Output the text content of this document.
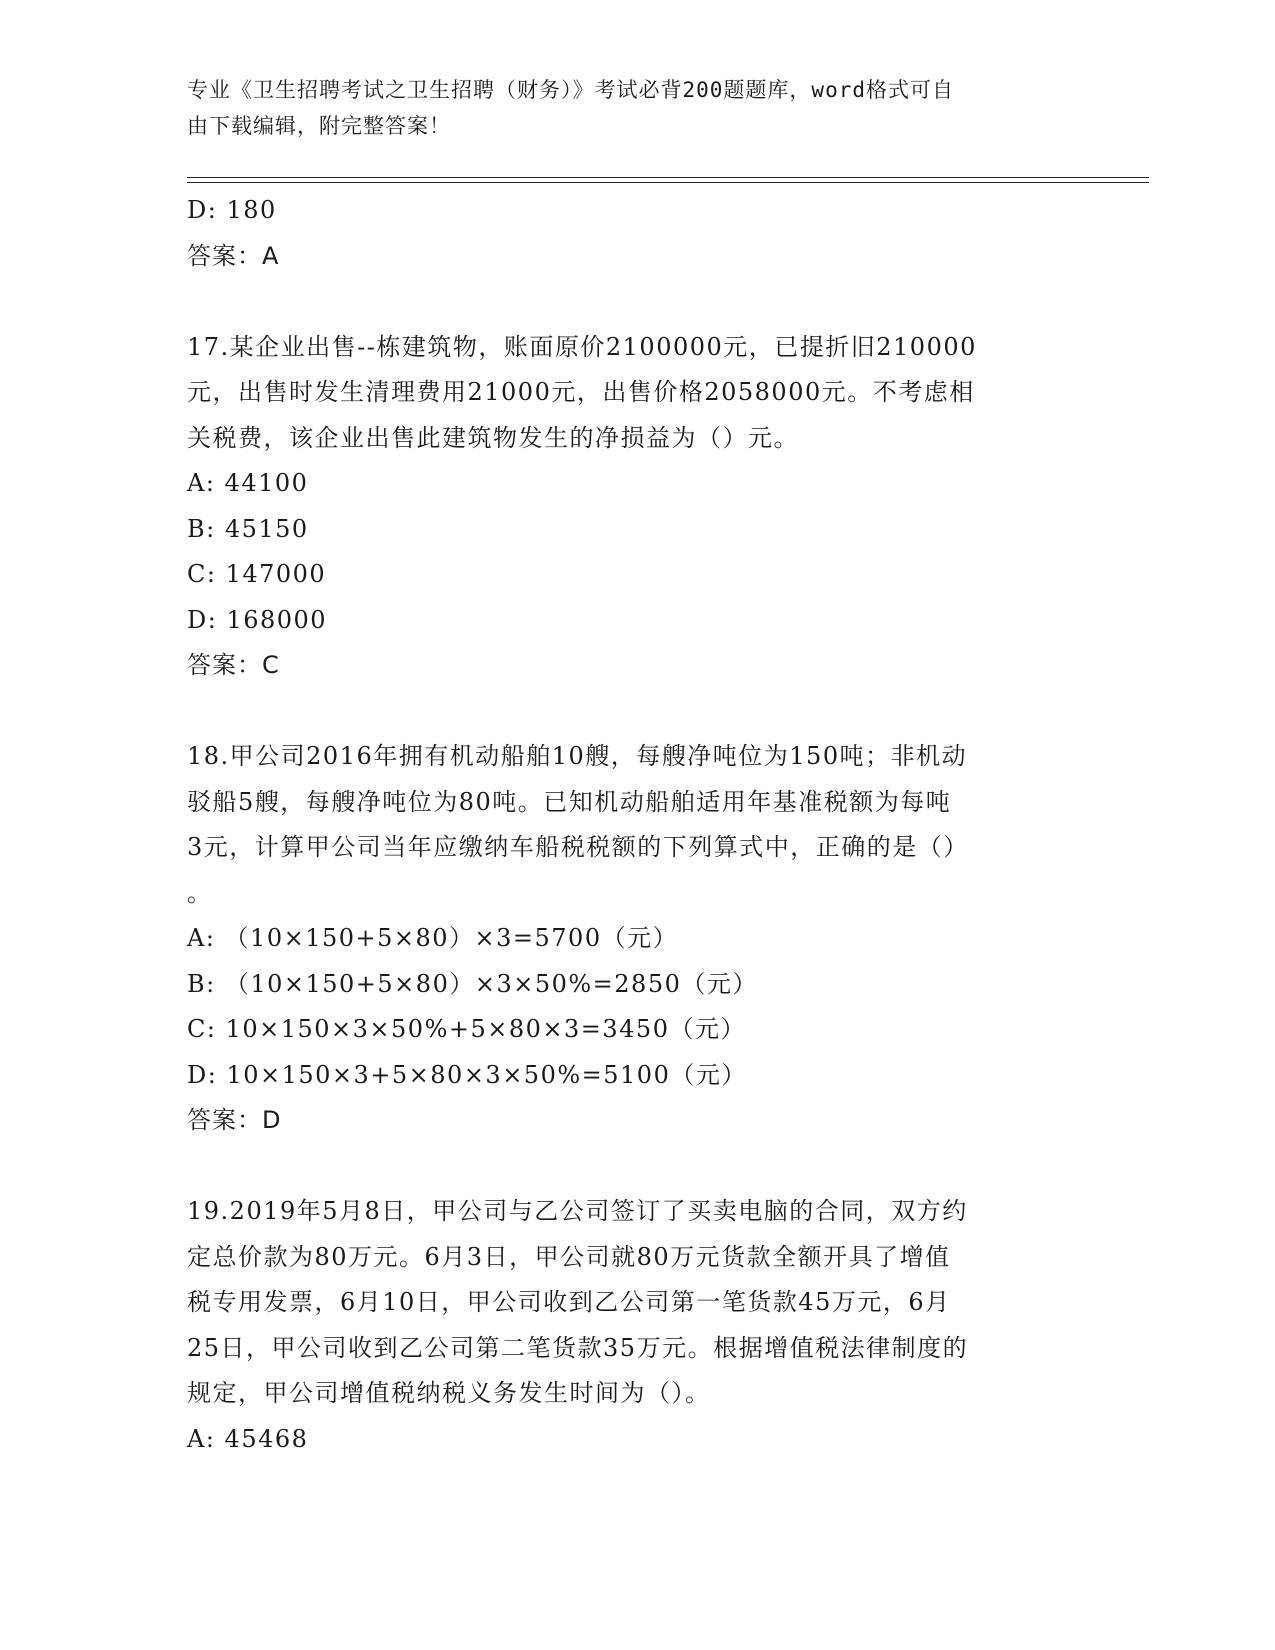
专业《卫生招聘考试之卫生招聘（财务）》考试必背200题题库，word格式可自
由下载编辑，附完整答案！
D: 180
答案：A
17.某企业出售--栋建筑物，账面原价2100000元，已提折旧210000
元，出售时发生清理费用21000元，出售价格2058000元。不考虑相
关税费，该企业出售此建筑物发生的净损益为（）元。
A: 44100
B: 45150
C: 147000
D: 168000
答案：C
18.甲公司2016年拥有机动船舶10艘，每艘净吨位为150吨；非机动
驳船5艘，每艘净吨位为80吨。已知机动船舶适用年基准税额为每吨
3元，计算甲公司当年应缴纳车船税税额的下列算式中，正确的是（）
。
A: （10×150+5×80）×3=5700（元）
B: （10×150+5×80）×3×50%=2850（元）
C: 10×150×3×50%+5×80×3=3450（元）
D: 10×150×3+5×80×3×50%=5100（元）
答案：D
19.2019年5月8日，甲公司与乙公司签订了买卖电脑的合同，双方约
定总价款为80万元。6月3日，甲公司就80万元货款全额开具了增值
税专用发票，6月10日，甲公司收到乙公司第一笔货款45万元，6月
25日，甲公司收到乙公司第二笔货款35万元。根据增值税法律制度的
规定，甲公司增值税纳税义务发生时间为（）。
A: 45468
